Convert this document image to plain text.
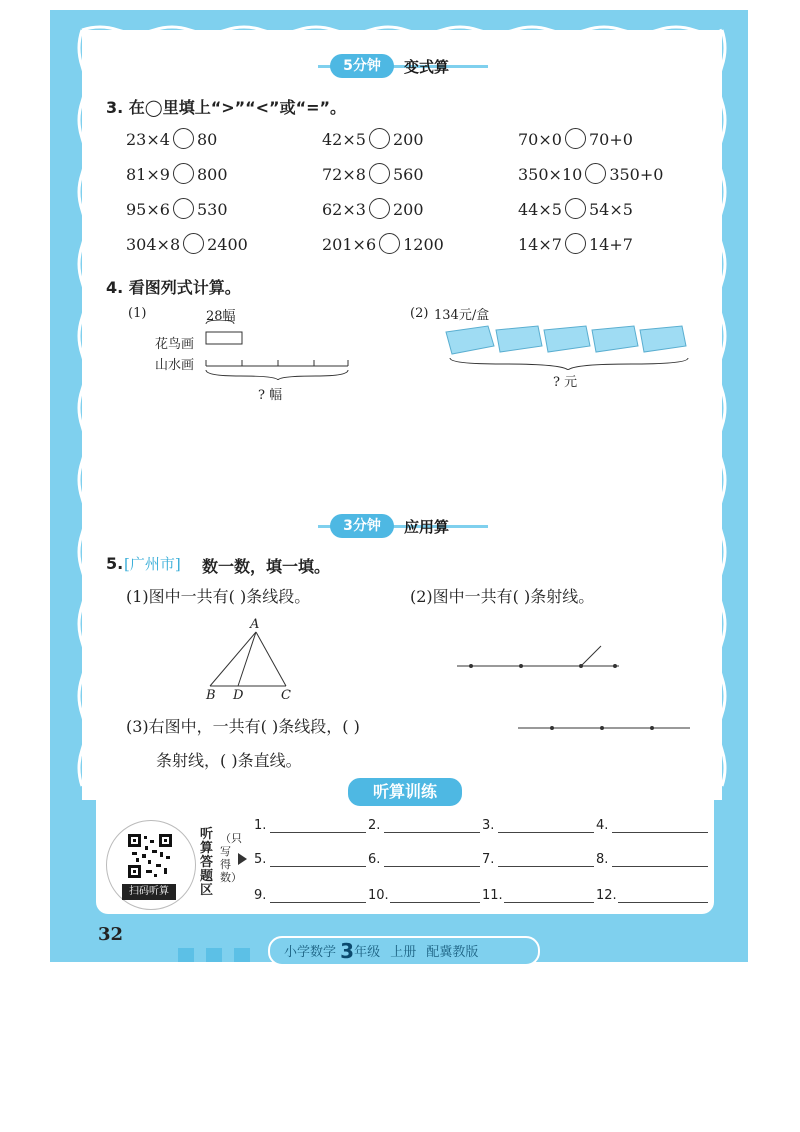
5分钟	变式算
3. 在◯里填上“>”“<”或“=”。
23×4 80	42×5 200	70×0 70+0
81×9 800	72×8 560	350×10 350+0
95×6 530	62×3 200	44×5 54×5
304×8 2400	201×6 1200	14×7 14+7
4. 看图列式计算。
(1)	28幅
花鸟画
山水画
? 幅
(2) 134元/盒
? 元
3分钟	应用算
5. [广州市] 数一数，填一填。
(1)图中一共有( )条线段。	(2)图中一共有( )条射线。
A
B D	C
(3)右图中，一共有( )条线段，( )
条射线，( )条直线。
听算训练
扫码听算
听算答题区
（只写得数）
1.	2.	3.	4.
5.	6.	7.	8.
9.	10.	11.	12.
32
小学数学 3年级 上册 配冀教版
